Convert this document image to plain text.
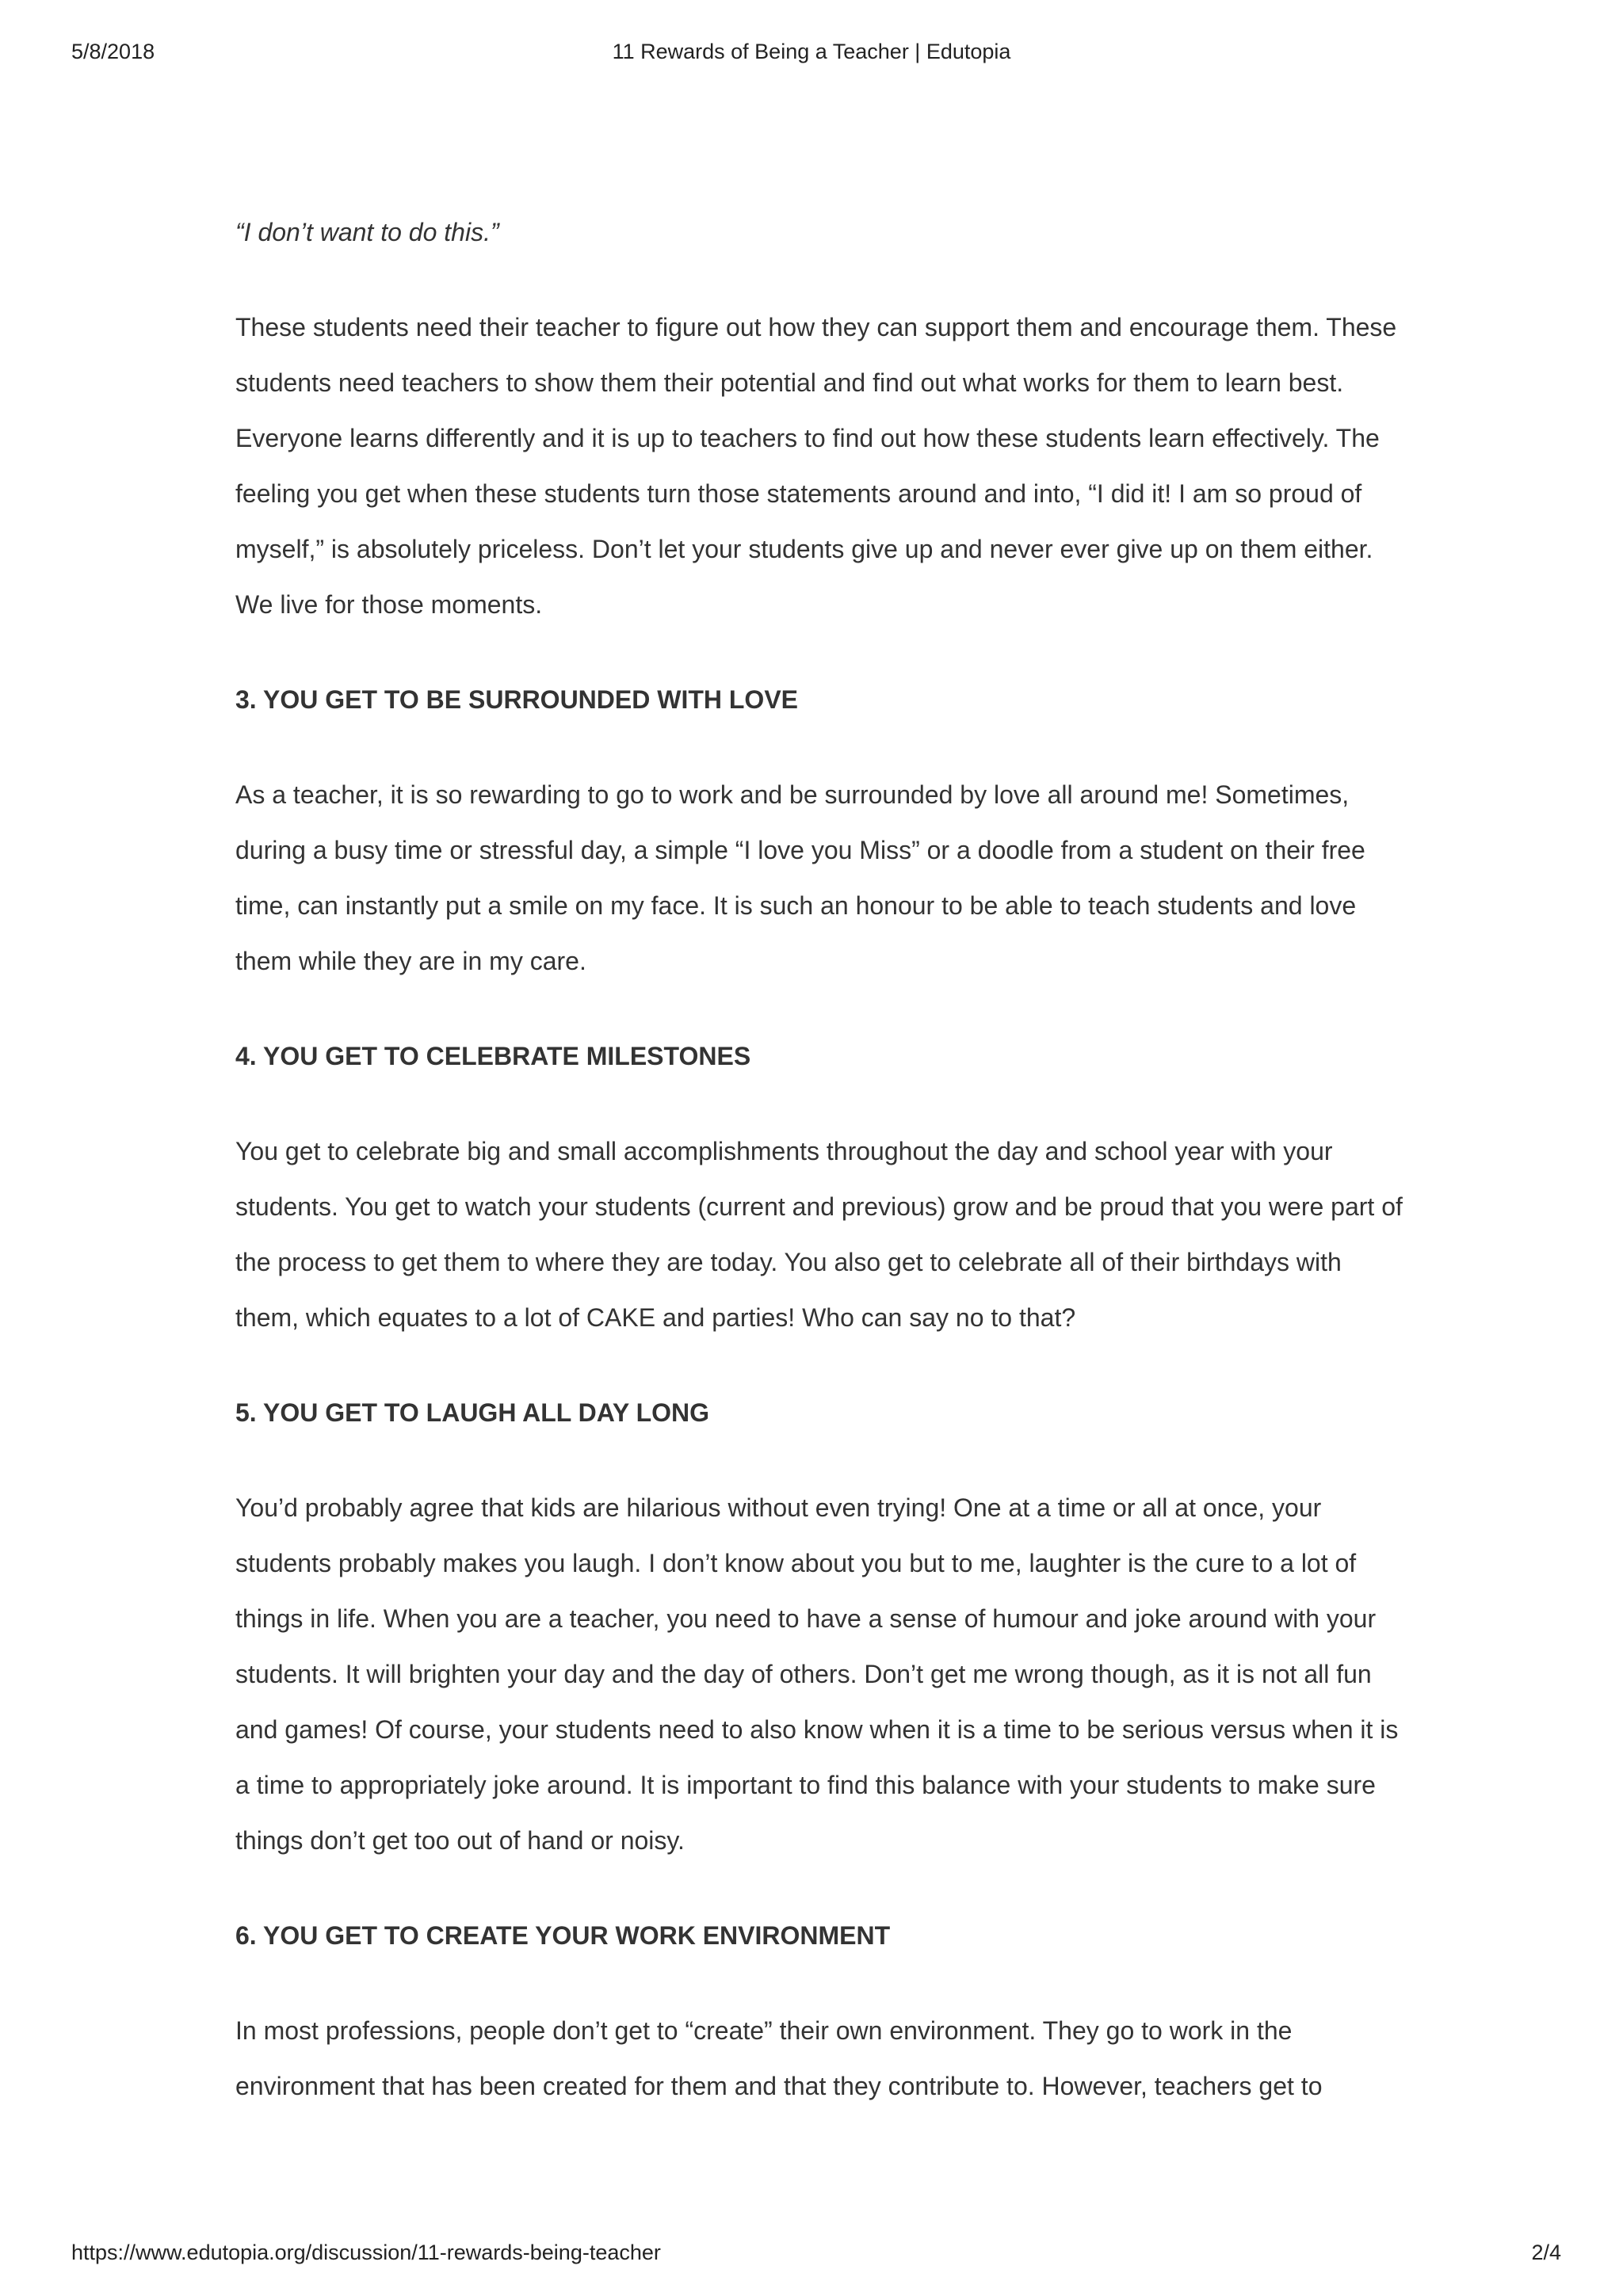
5/8/2018	11 Rewards of Being a Teacher | Edutopia

“I don’t want to do this.”

These students need their teacher to figure out how they can support them and encourage them. These students need teachers to show them their potential and find out what works for them to learn best. Everyone learns differently and it is up to teachers to find out how these students learn effectively. The feeling you get when these students turn those statements around and into, “I did it! I am so proud of myself,” is absolutely priceless. Don’t let your students give up and never ever give up on them either. We live for those moments.

3. YOU GET TO BE SURROUNDED WITH LOVE

As a teacher, it is so rewarding to go to work and be surrounded by love all around me! Sometimes, during a busy time or stressful day, a simple “I love you Miss” or a doodle from a student on their free time, can instantly put a smile on my face. It is such an honour to be able to teach students and love them while they are in my care.

4. YOU GET TO CELEBRATE MILESTONES

You get to celebrate big and small accomplishments throughout the day and school year with your students. You get to watch your students (current and previous) grow and be proud that you were part of the process to get them to where they are today. You also get to celebrate all of their birthdays with them, which equates to a lot of CAKE and parties! Who can say no to that?

5. YOU GET TO LAUGH ALL DAY LONG

You’d probably agree that kids are hilarious without even trying! One at a time or all at once, your students probably makes you laugh. I don’t know about you but to me, laughter is the cure to a lot of things in life. When you are a teacher, you need to have a sense of humour and joke around with your students. It will brighten your day and the day of others. Don’t get me wrong though, as it is not all fun and games! Of course, your students need to also know when it is a time to be serious versus when it is a time to appropriately joke around. It is important to find this balance with your students to make sure things don’t get too out of hand or noisy.

6. YOU GET TO CREATE YOUR WORK ENVIRONMENT

In most professions, people don’t get to “create” their own environment. They go to work in the environment that has been created for them and that they contribute to. However, teachers get to

https://www.edutopia.org/discussion/11-rewards-being-teacher	2/4
